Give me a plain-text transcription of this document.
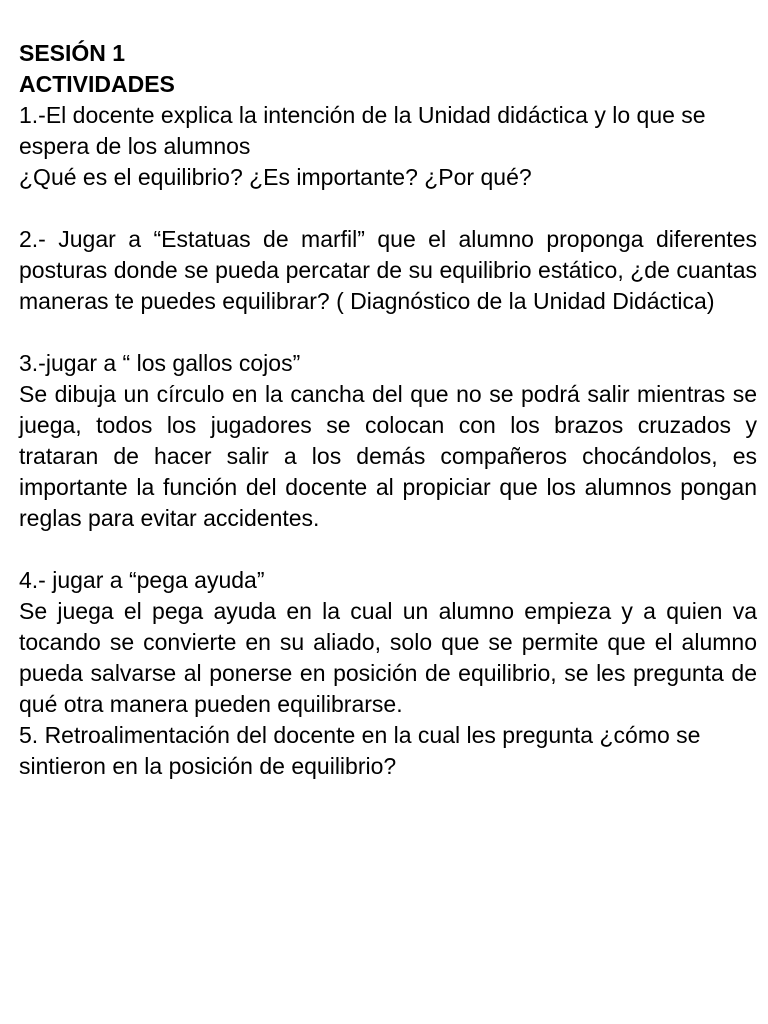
SESIÓN 1

ACTIVIDADES

1.-El docente explica la intención de la Unidad didáctica y lo que se espera de los alumnos

¿Qué es el equilibrio? ¿Es importante? ¿Por qué?

2.- Jugar a “Estatuas de marfil” que el alumno proponga diferentes posturas donde se pueda percatar de su equilibrio estático, ¿de cuantas maneras te puedes equilibrar? ( Diagnóstico de la Unidad Didáctica)

3.-jugar a “ los gallos cojos”

Se dibuja un círculo en la cancha del que no se podrá salir mientras se juega, todos los jugadores se colocan con los brazos cruzados y trataran de hacer salir a los demás compañeros chocándolos, es importante la función del docente al propiciar que los alumnos pongan reglas para evitar accidentes.

4.- jugar a “pega ayuda”

Se juega el pega ayuda en la cual un alumno empieza y a quien va tocando se convierte en su aliado, solo que se permite que el alumno pueda salvarse al ponerse en posición de equilibrio, se les pregunta de qué otra manera pueden equilibrarse.

5. Retroalimentación del docente en la cual les pregunta ¿cómo se sintieron en la posición de equilibrio?
